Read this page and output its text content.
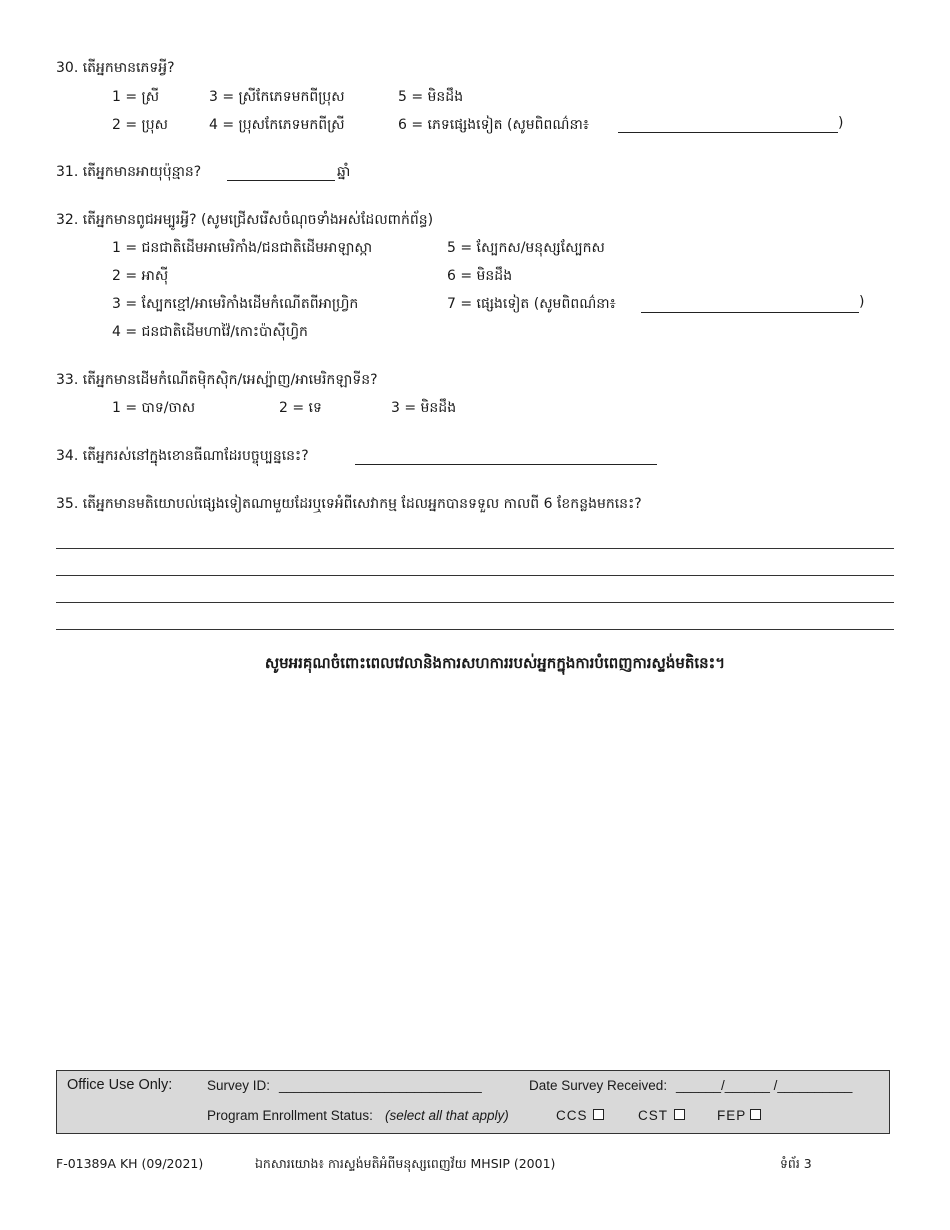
30. តើអ្នកមានភេទអ្វី?
1 = ស្រី	3 = ស្រីកែភេទមកពីប្រុស	5 = មិនដឹង
2 = ប្រុស	4 = ប្រុសកែភេទមកពីស្រី	6 = ភេទផ្សេងទៀត (សូមពិពណ៌នា៖	)
31. តើអ្នកមានអាយុប៉ុន្មាន?	ឆ្នាំ
32. តើអ្នកមានពូជអម្បូរអ្វី? (សូមជ្រើសរើសចំណុចទាំងអស់ដែលពាក់ព័ន្ធ)
1 = ជនជាតិដើមអាមេរិកាំង/ជនជាតិដើមអាឡាស្កា	5 = ស្បែកស/មនុស្សស្បែកស
2 = អាស៊ី	6 = មិនដឹង
3 = ស្បែកខ្មៅ/អាមេរិកាំងដើមកំណើតពីអាហ្វ្រិក	7 = ផ្សេងទៀត (សូមពិពណ៌នា៖	)
4 = ជនជាតិដើមហាវ៉ៃ/កោះប៉ាស៊ីហ្វិក
33. តើអ្នកមានដើមកំណើតម៉ិកស៊ិក/អេស្ប៉ាញ/អាមេរិកឡាទីន?
1 = បាទ/ចាស	2 = ទេ	3 = មិនដឹង
34. តើអ្នករស់នៅក្នុងខោនធីណាដែរបច្ចុប្បន្ននេះ?
35. តើអ្នកមានមតិយោបល់ផ្សេងទៀតណាមួយដែរឬទេអំពីសេវាកម្ម ដែលអ្នកបានទទួល កាលពី 6 ខែកន្លងមកនេះ?
សូមអរគុណចំពោះពេលវេលានិងការសហការរបស់អ្នកក្នុងការបំពេញការស្ទង់មតិនេះ។
Office Use Only:	Survey ID: ___________________________	Date Survey Received: ______/______ /__________
Program Enrollment Status: (select all that apply)	CCS	CST	FEP
F-01389A KH (09/2021)	ឯកសារយោង៖ ការស្ទង់មតិអំពីមនុស្សពេញវ័យ MHSIP (2001)	ទំព័រ 3
